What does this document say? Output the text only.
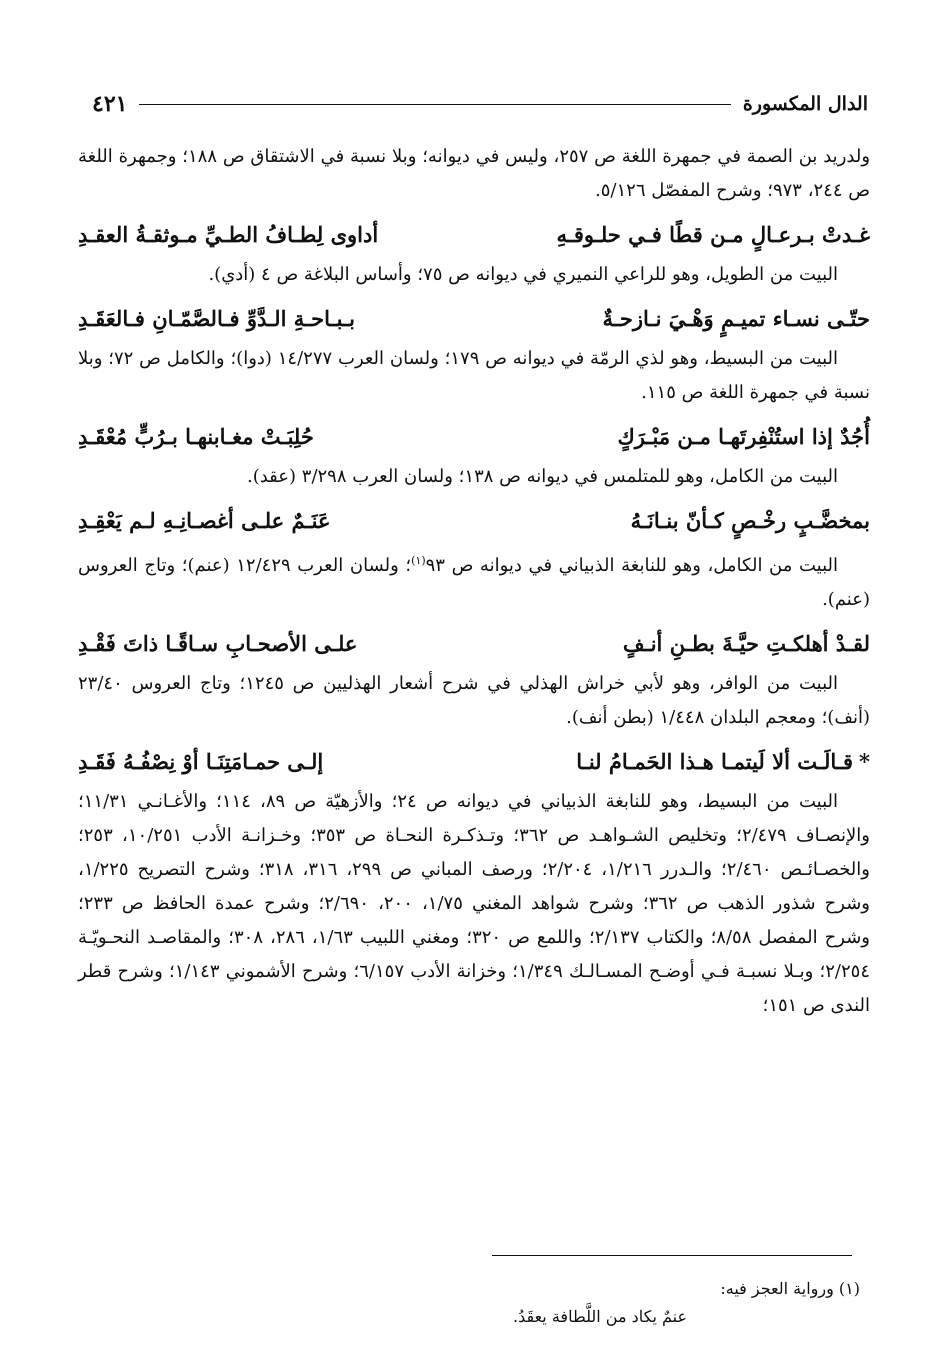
الدال المكسورة
٤٢١

ولدريد بن الصمة في جمهرة اللغة ص ٢٥٧، وليس في ديوانه؛ وبلا نسبة في الاشتقاق ص ١٨٨؛ وجمهرة اللغة ص ٢٤٤، ٩٧٣؛ وشرح المفصّل ٥/١٢٦.

غـدتْ بـرعـالٍ مـن قطًا فـي حلـوقـهِ
أداوى لِطـافُ الطـيِّ مـوثقـةُ العقـدِ

البيت من الطويل، وهو للراعي النميري في ديوانه ص ٧٥؛ وأساس البلاغة ص ٤ (أدي).

حتّـى نسـاء تميـمٍ وَهْـيَ نـازحـةٌ
بـبـاحـةِ الـدَّوِّ فـالصَّمّـانِ فـالعَقَـدِ

البيت من البسيط، وهو لذي الرمّة في ديوانه ص ١٧٩؛ ولسان العرب ١٤/٢٧٧ (دوا)؛ والكامل ص ٧٢؛ وبلا نسبة في جمهرة اللغة ص ١١٥.

أُجُدٌ إذا استُنْفِرتَهـا مـن مَبْـرَكٍ
حُلِبَـتْ مغـابنهـا بـرُبٍّ مُعْقَـدِ

البيت من الكامل، وهو للمتلمس في ديوانه ص ١٣٨؛ ولسان العرب ٣/٢٩٨ (عقد).

بمخضَّـبٍ رخْـصٍ كـأنّ بنـانَـهُ
عَنَـمٌ علـى أغصـانِـهِ لـم يَعْقِـدِ

البيت من الكامل، وهو للنابغة الذبياني في ديوانه ص ٩٣$^{(١)}$؛ ولسان العرب ١٢/٤٢٩ (عنم)؛ وتاج العروس (عنم).

لقـدْ أهلكـتِ حيَّـةَ بطـنِ أنـفٍ
علـى الأصحـابِ سـاقًـا ذاتَ فَقْـدِ

البيت من الوافر، وهو لأبي خراش الهذلي في شرح أشعار الهذليين ص ١٢٤٥؛ وتاج العروس ٢٣/٤٠ (أنف)؛ ومعجم البلدان ١/٤٤٨ (بطن أنف).

*قـالَـت ألا لَيتمـا هـذا الحَمـامُ لنـا
إلـى حمـامَتِنَـا أوْ نِصْفُـهُ فَقَـدِ

البيت من البسيط، وهو للنابغة الذبياني في ديوانه ص ٢٤؛ والأزهيّة ص ٨٩، ١١٤؛ والأغـانـي ١١/٣١؛ والإنصـاف ٢/٤٧٩؛ وتخليص الشـواهـد ص ٣٦٢؛ وتـذكـرة النحـاة ص ٣٥٣؛ وخـزانـة الأدب ١٠/٢٥١، ٢٥٣؛ والخصـائـص ٢/٤٦٠؛ والـدرر ١/٢١٦، ٢/٢٠٤؛ ورصف المباني ص ٢٩٩، ٣١٦، ٣١٨؛ وشرح التصريح ١/٢٢٥، وشرح شذور الذهب ص ٣٦٢؛ وشرح شواهد المغني ١/٧٥، ٢٠٠، ٢/٦٩٠؛ وشرح عمدة الحافظ ص ٢٣٣؛ وشرح المفصل ٨/٥٨؛ والكتاب ٢/١٣٧؛ واللمع ص ٣٢٠؛ ومغني اللبيب ١/٦٣، ٢٨٦، ٣٠٨؛ والمقاصـد النحـويّـة ٢/٢٥٤؛ وبـلا نسبـة فـي أوضـح المسـالـك ١/٣٤٩؛ وخزانة الأدب ٦/١٥٧؛ وشرح الأشموني ١/١٤٣؛ وشرح قطر الندى ص ١٥١؛

(١) ورواية العجز فيه:
عنمٌ يكاد من اللَّطافة يعقَدُ.
